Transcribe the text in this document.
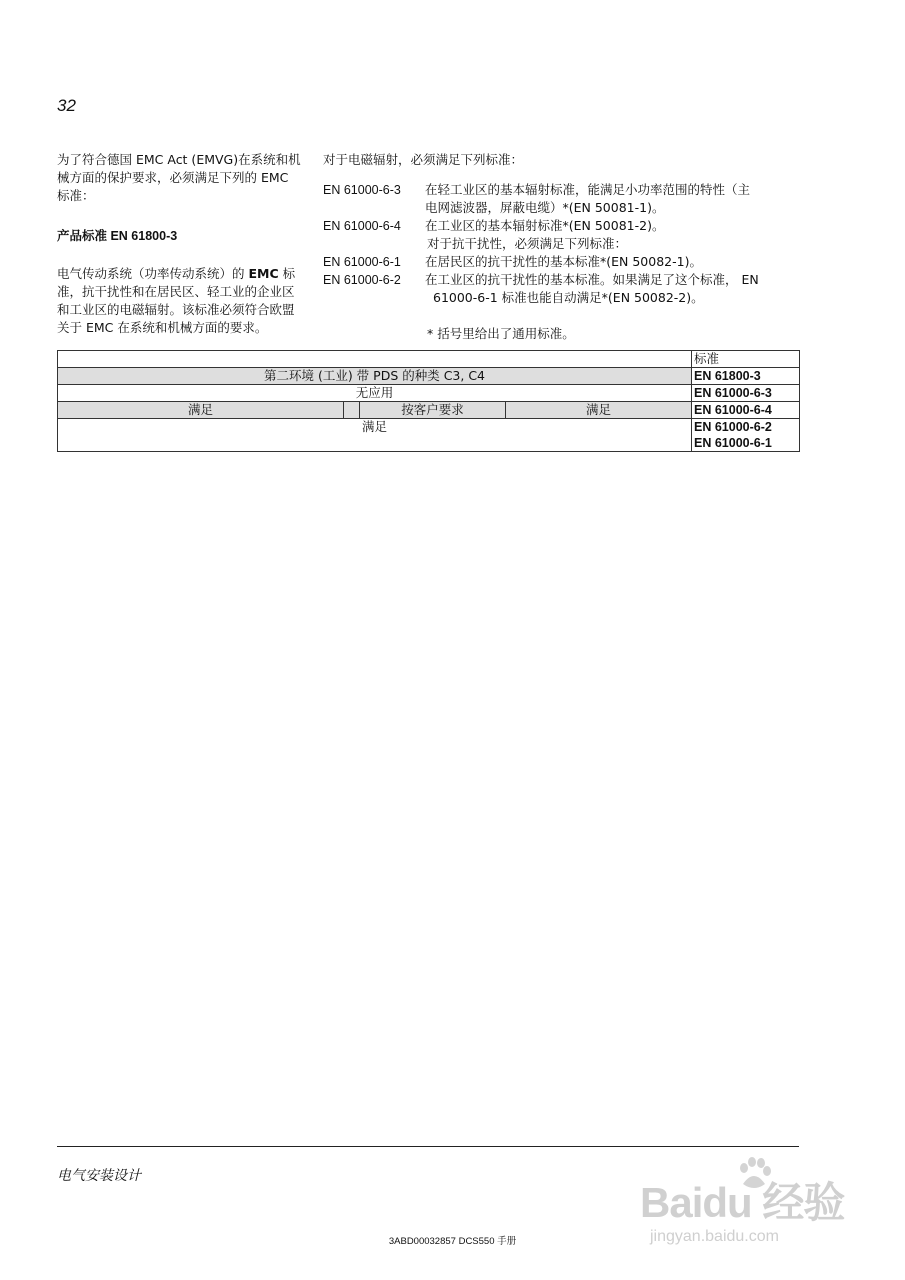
32

为了符合德国 EMC Act (EMVG)在系统和机

械方面的保护要求，必须满足下列的 EMC

标准：

产品标准 EN 61800-3

电气传动系统（功率传动系统）的 EMC 标

准，抗干扰性和在居民区、轻工业的企业区

和工业区的电磁辐射。该标准必须符合欧盟

关于 EMC 在系统和机械方面的要求。

对于电磁辐射，必须满足下列标准：

EN 61000-6-3	在轻工业区的基本辐射标准，能满足小功率范围的特性（主

电网滤波器，屏蔽电缆）*(EN 50081-1)。

EN 61000-6-4	在工业区的基本辐射标准*(EN 50081-2)。

对于抗干扰性，必须满足下列标准：

EN 61000-6-1	在居民区的抗干扰性的基本标准*(EN 50082-1)。

EN 61000-6-2	在工业区的抗干扰性的基本标准。如果满足了这个标准， EN

61000-6-1 标准也能自动满足*(EN 50082-2)。

* 括号里给出了通用标准。

				标准
第二环境 (工业) 带 PDS 的种类 C3, C4				EN 61800-3
无应用				EN 61000-6-3
满足		按客户要求	满足	EN 61000-6-4
满足				EN 61000-6-2
EN 61000-6-1
电气安装设计
Baidu 经验
jingyan.baidu.com
3ABD00032857 DCS550 手册
